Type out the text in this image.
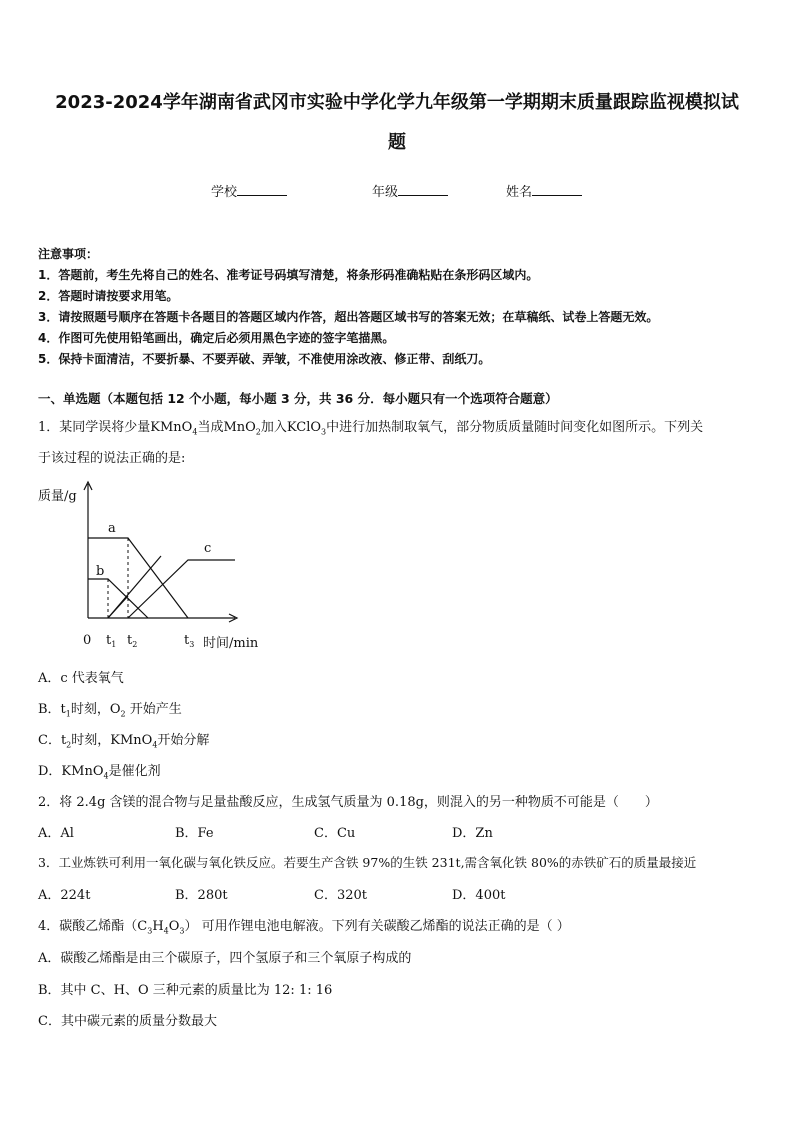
2023-2024学年湖南省武冈市实验中学化学九年级第一学期期末质量跟踪监视模拟试
题
学校	年级	姓名
注意事项：
1．答题前，考生先将自己的姓名、准考证号码填写清楚，将条形码准确粘贴在条形码区域内。
2．答题时请按要求用笔。
3．请按照题号顺序在答题卡各题目的答题区域内作答，超出答题区域书写的答案无效；在草稿纸、试卷上答题无效。
4．作图可先使用铅笔画出，确定后必须用黑色字迹的签字笔描黑。
5．保持卡面清洁，不要折暴、不要弄破、弄皱，不准使用涂改液、修正带、刮纸刀。
一、单选题（本题包括 12 个小题，每小题 3 分，共 36 分．每小题只有一个选项符合题意）
1．某同学误将少量KMnO$_4$当成MnO$_2$加入KClO$_3$中进行加热制取氧气，部分物质质量随时间变化如图所示。下列关
于该过程的说法正确的是:
质量/g
a
b
c
0 $t_1$ $t_2$	$t_3$ 时间/min
A．c 代表氧气
B．$t_1$时刻，$O_2$ 开始产生
C．$t_2$时刻，KMnO$_4$开始分解
D．KMnO$_4$是催化剂
2．将 2.4g 含镁的混合物与足量盐酸反应，生成氢气质量为 0.18g，则混入的另一种物质不可能是（　　）
A．Al	B．Fe	C．Cu	D．Zn
3．工业炼铁可利用一氧化碳与氧化铁反应。若要生产含铁 97%的生铁 231t,需含氧化铁 80%的赤铁矿石的质量最接近
A．224t	B．280t	C．320t	D．400t
4．碳酸乙烯酯$(C_3H_4O_3)$ 可用作锂电池电解液。下列有关碳酸乙烯酯的说法正确的是（ ）
A．碳酸乙烯酯是由三个碳原子，四个氢原子和三个氧原子构成的
B．其中 C、H、O 三种元素的质量比为 12: 1: 16
C．其中碳元素的质量分数最大
